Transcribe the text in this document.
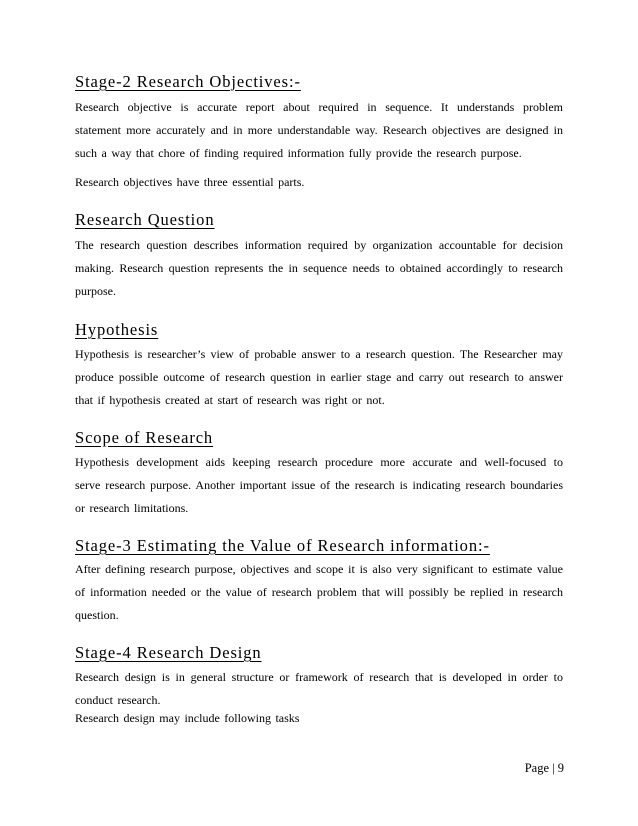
Stage-2 Research Objectives:-
Research objective is accurate report about required in sequence. It understands problem statement more accurately and in more understandable way. Research objectives are designed in such a way that chore of finding required information fully provide the research purpose.
Research objectives have three essential parts.
Research Question
The research question describes information required by organization accountable for decision making. Research question represents the in sequence needs to obtained accordingly to research purpose.
Hypothesis
Hypothesis is researcher’s view of probable answer to a research question. The Researcher may produce possible outcome of research question in earlier stage and carry out research to answer that if hypothesis created at start of research was right or not.
Scope of Research
Hypothesis development aids keeping research procedure more accurate and well-focused to serve research purpose. Another important issue of the research is indicating research boundaries or research limitations.
Stage-3 Estimating the Value of Research information:-
After defining research purpose, objectives and scope it is also very significant to estimate value of information needed or the value of research problem that will possibly be replied in research question.
Stage-4 Research Design
Research design is in general structure or framework of research that is developed in order to conduct research.
Research design may include following tasks
Page | 9
